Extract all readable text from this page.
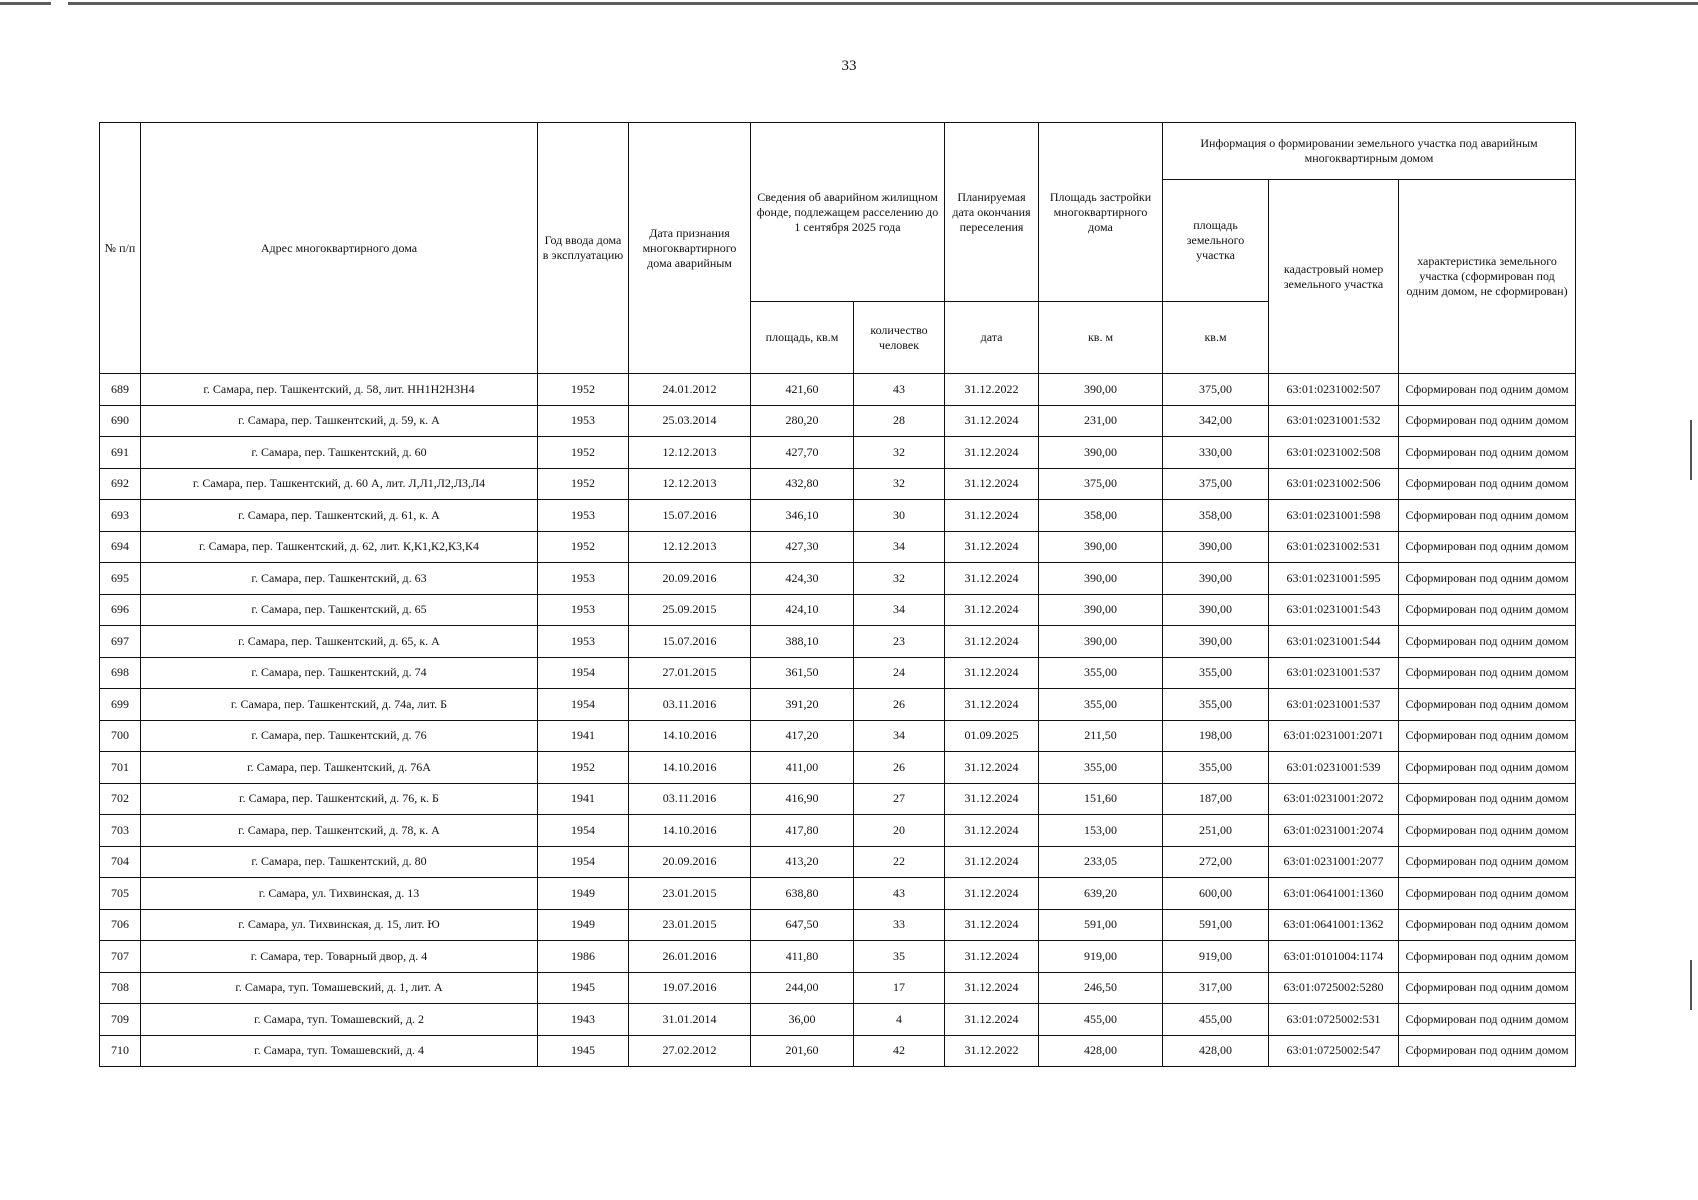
33
№ п/п	Адрес многоквартирного дома	Год ввода дома в эксплуатацию	Дата признания многоквартирного дома аварийным	Сведения об аварийном жилищном фонде, подлежащем расселению до 1 сентября 2025 года		Планируемая дата окончания переселения	Площадь застройки многоквартирного дома	Информация о формировании земельного участка под аварийным многоквартирным домом		
								площадь земельного участка	кадастровый номер земельного участка	характеристика земельного участка (сформирован под одним домом, не сформирован)
				площадь, кв.м	количество человек	дата	кв. м	кв.м		
689	г. Самара, пер. Ташкентский, д. 58, лит. НН1Н2Н3Н4	1952	24.01.2012	421,60	43	31.12.2022	390,00	375,00	63:01:0231002:507	Сформирован под одним домом
690	г. Самара, пер. Ташкентский, д. 59, к. А	1953	25.03.2014	280,20	28	31.12.2024	231,00	342,00	63:01:0231001:532	Сформирован под одним домом
691	г. Самара, пер. Ташкентский, д. 60	1952	12.12.2013	427,70	32	31.12.2024	390,00	330,00	63:01:0231002:508	Сформирован под одним домом
692	г. Самара, пер. Ташкентский, д. 60 А, лит. Л,Л1,Л2,Л3,Л4	1952	12.12.2013	432,80	32	31.12.2024	375,00	375,00	63:01:0231002:506	Сформирован под одним домом
693	г. Самара, пер. Ташкентский, д. 61, к. А	1953	15.07.2016	346,10	30	31.12.2024	358,00	358,00	63:01:0231001:598	Сформирован под одним домом
694	г. Самара, пер. Ташкентский, д. 62, лит. К,К1,К2,К3,К4	1952	12.12.2013	427,30	34	31.12.2024	390,00	390,00	63:01:0231002:531	Сформирован под одним домом
695	г. Самара, пер. Ташкентский, д. 63	1953	20.09.2016	424,30	32	31.12.2024	390,00	390,00	63:01:0231001:595	Сформирован под одним домом
696	г. Самара, пер. Ташкентский, д. 65	1953	25.09.2015	424,10	34	31.12.2024	390,00	390,00	63:01:0231001:543	Сформирован под одним домом
697	г. Самара, пер. Ташкентский, д. 65, к. А	1953	15.07.2016	388,10	23	31.12.2024	390,00	390,00	63:01:0231001:544	Сформирован под одним домом
698	г. Самара, пер. Ташкентский, д. 74	1954	27.01.2015	361,50	24	31.12.2024	355,00	355,00	63:01:0231001:537	Сформирован под одним домом
699	г. Самара, пер. Ташкентский, д. 74а, лит. Б	1954	03.11.2016	391,20	26	31.12.2024	355,00	355,00	63:01:0231001:537	Сформирован под одним домом
700	г. Самара, пер. Ташкентский, д. 76	1941	14.10.2016	417,20	34	01.09.2025	211,50	198,00	63:01:0231001:2071	Сформирован под одним домом
701	г. Самара, пер. Ташкентский, д. 76А	1952	14.10.2016	411,00	26	31.12.2024	355,00	355,00	63:01:0231001:539	Сформирован под одним домом
702	г. Самара, пер. Ташкентский, д. 76, к. Б	1941	03.11.2016	416,90	27	31.12.2024	151,60	187,00	63:01:0231001:2072	Сформирован под одним домом
703	г. Самара, пер. Ташкентский, д. 78, к. А	1954	14.10.2016	417,80	20	31.12.2024	153,00	251,00	63:01:0231001:2074	Сформирован под одним домом
704	г. Самара, пер. Ташкентский, д. 80	1954	20.09.2016	413,20	22	31.12.2024	233,05	272,00	63:01:0231001:2077	Сформирован под одним домом
705	г. Самара, ул. Тихвинская, д. 13	1949	23.01.2015	638,80	43	31.12.2024	639,20	600,00	63:01:0641001:1360	Сформирован под одним домом
706	г. Самара, ул. Тихвинская, д. 15, лит. Ю	1949	23.01.2015	647,50	33	31.12.2024	591,00	591,00	63:01:0641001:1362	Сформирован под одним домом
707	г. Самара, тер. Товарный двор, д. 4	1986	26.01.2016	411,80	35	31.12.2024	919,00	919,00	63:01:0101004:1174	Сформирован под одним домом
708	г. Самара, туп. Томашевский, д. 1, лит. А	1945	19.07.2016	244,00	17	31.12.2024	246,50	317,00	63:01:0725002:5280	Сформирован под одним домом
709	г. Самара, туп. Томашевский, д. 2	1943	31.01.2014	36,00	4	31.12.2024	455,00	455,00	63:01:0725002:531	Сформирован под одним домом
710	г. Самара, туп. Томашевский, д. 4	1945	27.02.2012	201,60	42	31.12.2022	428,00	428,00	63:01:0725002:547	Сформирован под одним домом
